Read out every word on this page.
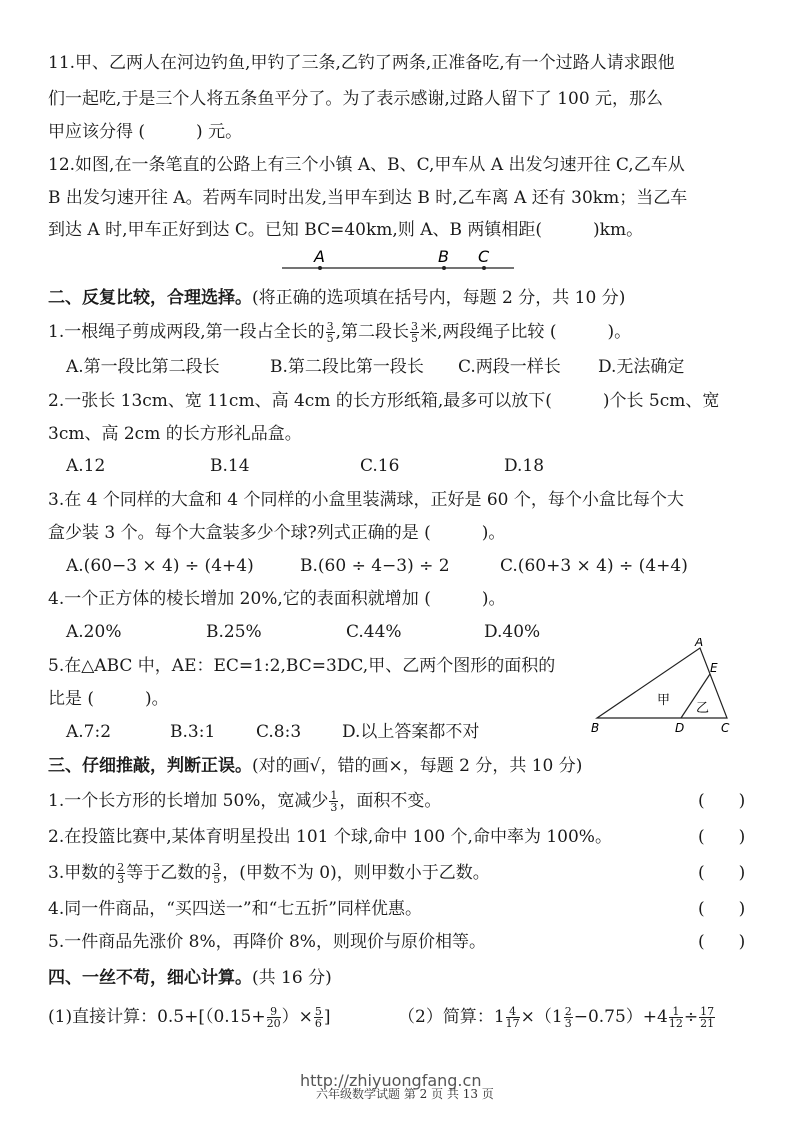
11.甲、乙两人在河边钓鱼,甲钓了三条,乙钓了两条,正准备吃,有一个过路人请求跟他
们一起吃,于是三个人将五条鱼平分了。为了表示感谢,过路人留下了 100 元，那么
甲应该分得 (　　　) 元。
12.如图,在一条笔直的公路上有三个小镇 A、B、C,甲车从 A 出发匀速开往 C,乙车从
B 出发匀速开往 A。若两车同时出发,当甲车到达 B 时,乙车离 A 还有 30km；当乙车
到达 A 时,甲车正好到达 C。已知 BC=40km,则 A、B 两镇相距(　　　)km。
A	B C
二、反复比较，合理选择。(将正确的选项填在括号内，每题 2 分，共 10 分)
1.一根绳子剪成两段,第一段占全长的 $\frac{3}{5}$ ,第二段长 $\frac{3}{5}$ 米,两段绳子比较 (　　　)。
A.第一段比第二段长	B.第二段比第一段长 C.两段一样长 D.无法确定
2.一张长 13cm、宽 11cm、高 4cm 的长方形纸箱,最多可以放下(　　　)个长 5cm、宽
3cm、高 2cm 的长方形礼品盒。
A.12	B.14	C.16	D.18
3.在 4 个同样的大盒和 4 个同样的小盒里装满球，正好是 60 个，每个小盒比每个大
盒少装 3 个。每个大盒装多少个球?列式正确的是 (　　　)。
A.(60−3 × 4) ÷ (4+4)	B.(60 ÷ 4−3) ÷ 2	C.(60+3 × 4) ÷ (4+4)
4.一个正方体的棱长增加 20%,它的表面积就增加 (　　　)。
A.20%	B.25%	C.44%	D.40%
5.在△ABC 中，AE：EC=1:2,BC=3DC,甲、乙两个图形的面积的
比是 (　　　)。
A.7:2	B.3:1 C.8:3 D.以上答案都不对
A
E
B	D	C
甲
乙
三、仔细推敲，判断正误。(对的画√，错的画×，每题 2 分，共 10 分)
1.一个长方形的长增加 50%，宽减少 $\frac{1}{3}$ ，面积不变。	(　　)
2.在投篮比赛中,某体育明星投出 101 个球,命中 100 个,命中率为 100%。	(　　)
3.甲数的 $\frac{2}{3}$ 等于乙数的 $\frac{3}{5}$ ，(甲数不为 0)，则甲数小于乙数。	(　　)
4.同一件商品，“买四送一”和“七五折”同样优惠。	(　　)
5.一件商品先涨价 8%，再降价 8%，则现价与原价相等。	(　　)
四、一丝不苟，细心计算。(共 16 分)
(1)直接计算：$0.5+[(0.15+ \frac{9}{20}$ ）× $\frac{5}{6}$ ]	（2）简算：$1 \frac{4}{17} \times(1 \frac{2}{3} -0.75)+4 \frac{1}{12} \div \frac{17}{21}$
http://zhiyuongfang.cn
六年级数学试题 第 2 页 共 13 页
